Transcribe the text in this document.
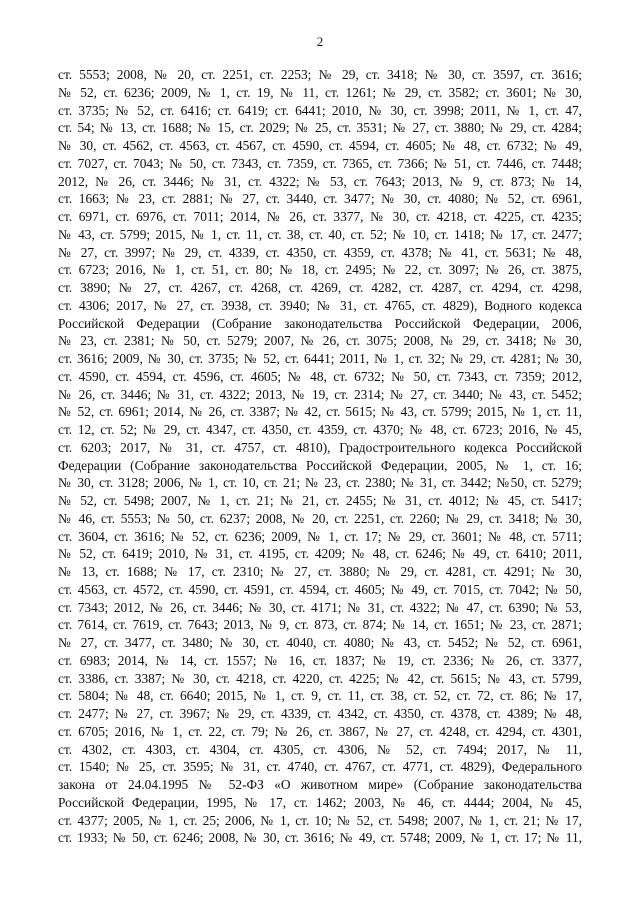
2
ст. 5553; 2008, № 20, ст. 2251, ст. 2253; № 29, ст. 3418; № 30, ст. 3597, ст. 3616;
№ 52, ст. 6236; 2009, № 1, ст. 19, № 11, ст. 1261; № 29, ст. 3582; ст. 3601; № 30,
ст. 3735; № 52, ст. 6416; ст. 6419; ст. 6441; 2010, № 30, ст. 3998; 2011, № 1, ст. 47,
ст. 54; № 13, ст. 1688; № 15, ст. 2029; № 25, ст. 3531; № 27, ст. 3880; № 29, ст. 4284;
№ 30, ст. 4562, ст. 4563, ст. 4567, ст. 4590, ст. 4594, ст. 4605; № 48, ст. 6732; № 49,
ст. 7027, ст. 7043; № 50, ст. 7343, ст. 7359, ст. 7365, ст. 7366; № 51, ст. 7446, ст. 7448;
2012, № 26, ст. 3446; № 31, ст. 4322; № 53, ст. 7643; 2013, № 9, ст. 873; № 14,
ст. 1663; № 23, ст. 2881; № 27, ст. 3440, ст. 3477; № 30, ст. 4080; № 52, ст. 6961,
ст. 6971, ст. 6976, ст. 7011; 2014, № 26, ст. 3377, № 30, ст. 4218, ст. 4225, ст. 4235;
№ 43, ст. 5799; 2015, № 1, ст. 11, ст. 38, ст. 40, ст. 52; № 10, ст. 1418; № 17, ст. 2477;
№ 27, ст. 3997; № 29, ст. 4339, ст. 4350, ст. 4359, ст. 4378; № 41, ст. 5631; № 48,
ст. 6723; 2016, № 1, ст. 51, ст. 80; № 18, ст. 2495; № 22, ст. 3097; № 26, ст. 3875,
ст. 3890; № 27, ст. 4267, ст. 4268, ст. 4269, ст. 4282, ст. 4287, ст. 4294, ст. 4298,
ст. 4306; 2017, № 27, ст. 3938, ст. 3940; № 31, ст. 4765, ст. 4829), Водного кодекса
Российской Федерации (Собрание законодательства Российской Федерации, 2006,
№ 23, ст. 2381; № 50, ст. 5279; 2007, № 26, ст. 3075; 2008, № 29, ст. 3418; № 30,
ст. 3616; 2009, № 30, ст. 3735; № 52, ст. 6441; 2011, № 1, ст. 32; № 29, ст. 4281; № 30,
ст. 4590, ст. 4594, ст. 4596, ст. 4605; № 48, ст. 6732; № 50, ст. 7343, ст. 7359; 2012,
№ 26, ст. 3446; № 31, ст. 4322; 2013, № 19, ст. 2314; № 27, ст. 3440; № 43, ст. 5452;
№ 52, ст. 6961; 2014, № 26, ст. 3387; № 42, ст. 5615; № 43, ст. 5799; 2015, № 1, ст. 11,
ст. 12, ст. 52; № 29, ст. 4347, ст. 4350, ст. 4359, ст. 4370; № 48, ст. 6723; 2016, № 45,
ст. 6203; 2017, № 31, ст. 4757, ст. 4810), Градостроительного кодекса Российской
Федерации (Собрание законодательства Российской Федерации, 2005, № 1, ст. 16;
№ 30, ст. 3128; 2006, № 1, ст. 10, ст. 21; № 23, ст. 2380; № 31, ст. 3442; №50, ст. 5279;
№ 52, ст. 5498; 2007, № 1, ст. 21; № 21, ст. 2455; № 31, ст. 4012; № 45, ст. 5417;
№ 46, ст. 5553; № 50, ст. 6237; 2008, № 20, ст. 2251, ст. 2260; № 29, ст. 3418; № 30,
ст. 3604, ст. 3616; № 52, ст. 6236; 2009, № 1, ст. 17; № 29, ст. 3601; № 48, ст. 5711;
№ 52, ст. 6419; 2010, № 31, ст. 4195, ст. 4209; № 48, ст. 6246; № 49, ст. 6410; 2011,
№ 13, ст. 1688; № 17, ст. 2310; № 27, ст. 3880; № 29, ст. 4281, ст. 4291; № 30,
ст. 4563, ст. 4572, ст. 4590, ст. 4591, ст. 4594, ст. 4605; № 49, ст. 7015, ст. 7042; № 50,
ст. 7343; 2012, № 26, ст. 3446; № 30, ст. 4171; № 31, ст. 4322; № 47, ст. 6390; № 53,
ст. 7614, ст. 7619, ст. 7643; 2013, № 9, ст. 873, ст. 874; № 14, ст. 1651; № 23, ст. 2871;
№ 27, ст. 3477, ст. 3480; № 30, ст. 4040, ст. 4080; № 43, ст. 5452; № 52, ст. 6961,
ст. 6983; 2014, № 14, ст. 1557; № 16, ст. 1837; № 19, ст. 2336; № 26, ст. 3377,
ст. 3386, ст. 3387; № 30, ст. 4218, ст. 4220, ст. 4225; № 42, ст. 5615; № 43, ст. 5799,
ст. 5804; № 48, ст. 6640; 2015, № 1, ст. 9, ст. 11, ст. 38, ст. 52, ст. 72, ст. 86; № 17,
ст. 2477; № 27, ст. 3967; № 29, ст. 4339, ст. 4342, ст. 4350, ст. 4378, ст. 4389; № 48,
ст. 6705; 2016, № 1, ст. 22, ст. 79; № 26, ст. 3867, № 27, ст. 4248, ст. 4294, ст. 4301,
ст. 4302, ст. 4303, ст. 4304, ст. 4305, ст. 4306, № 52, ст. 7494; 2017, № 11,
ст. 1540; № 25, ст. 3595; № 31, ст. 4740, ст. 4767, ст. 4771, ст. 4829), Федерального
закона от 24.04.1995 № 52-ФЗ «О животном мире» (Собрание законодательства
Российской Федерации, 1995, № 17, ст. 1462; 2003, № 46, ст. 4444; 2004, № 45,
ст. 4377; 2005, № 1, ст. 25; 2006, № 1, ст. 10; № 52, ст. 5498; 2007, № 1, ст. 21; № 17,
ст. 1933; № 50, ст. 6246; 2008, № 30, ст. 3616; № 49, ст. 5748; 2009, № 1, ст. 17; № 11,
